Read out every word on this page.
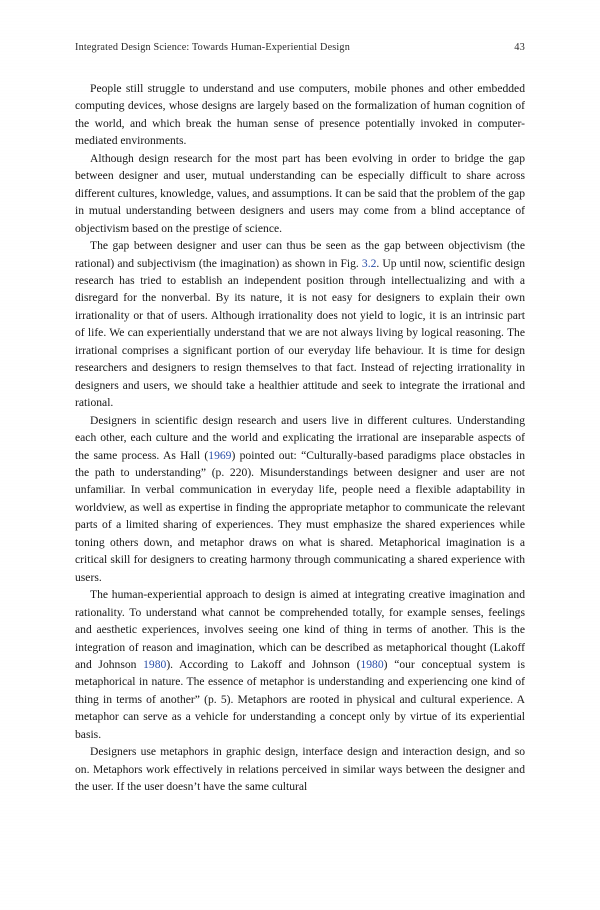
Integrated Design Science: Towards Human-Experiential Design	43

People still struggle to understand and use computers, mobile phones and other embedded computing devices, whose designs are largely based on the formalization of human cognition of the world, and which break the human sense of presence potentially invoked in computer-mediated environments.

Although design research for the most part has been evolving in order to bridge the gap between designer and user, mutual understanding can be especially difficult to share across different cultures, knowledge, values, and assumptions. It can be said that the problem of the gap in mutual understanding between designers and users may come from a blind acceptance of objectivism based on the prestige of science.

The gap between designer and user can thus be seen as the gap between objectivism (the rational) and subjectivism (the imagination) as shown in Fig. 3.2. Up until now, scientific design research has tried to establish an independent position through intellectualizing and with a disregard for the nonverbal. By its nature, it is not easy for designers to explain their own irrationality or that of users. Although irrationality does not yield to logic, it is an intrinsic part of life. We can experientially understand that we are not always living by logical reasoning. The irrational comprises a significant portion of our everyday life behaviour. It is time for design researchers and designers to resign themselves to that fact. Instead of rejecting irrationality in designers and users, we should take a healthier attitude and seek to integrate the irrational and rational.

Designers in scientific design research and users live in different cultures. Understanding each other, each culture and the world and explicating the irrational are inseparable aspects of the same process. As Hall (1969) pointed out: “Culturally-based paradigms place obstacles in the path to understanding” (p. 220). Misunderstandings between designer and user are not unfamiliar. In verbal communication in everyday life, people need a flexible adaptability in worldview, as well as expertise in finding the appropriate metaphor to communicate the relevant parts of a limited sharing of experiences. They must emphasize the shared experiences while toning others down, and metaphor draws on what is shared. Metaphorical imagination is a critical skill for designers to creating harmony through communicating a shared experience with users.

The human-experiential approach to design is aimed at integrating creative imagination and rationality. To understand what cannot be comprehended totally, for example senses, feelings and aesthetic experiences, involves seeing one kind of thing in terms of another. This is the integration of reason and imagination, which can be described as metaphorical thought (Lakoff and Johnson 1980). According to Lakoff and Johnson (1980) “our conceptual system is metaphorical in nature. The essence of metaphor is understanding and experiencing one kind of thing in terms of another” (p. 5). Metaphors are rooted in physical and cultural experience. A metaphor can serve as a vehicle for understanding a concept only by virtue of its experiential basis.

Designers use metaphors in graphic design, interface design and interaction design, and so on. Metaphors work effectively in relations perceived in similar ways between the designer and the user. If the user doesn’t have the same cultural
